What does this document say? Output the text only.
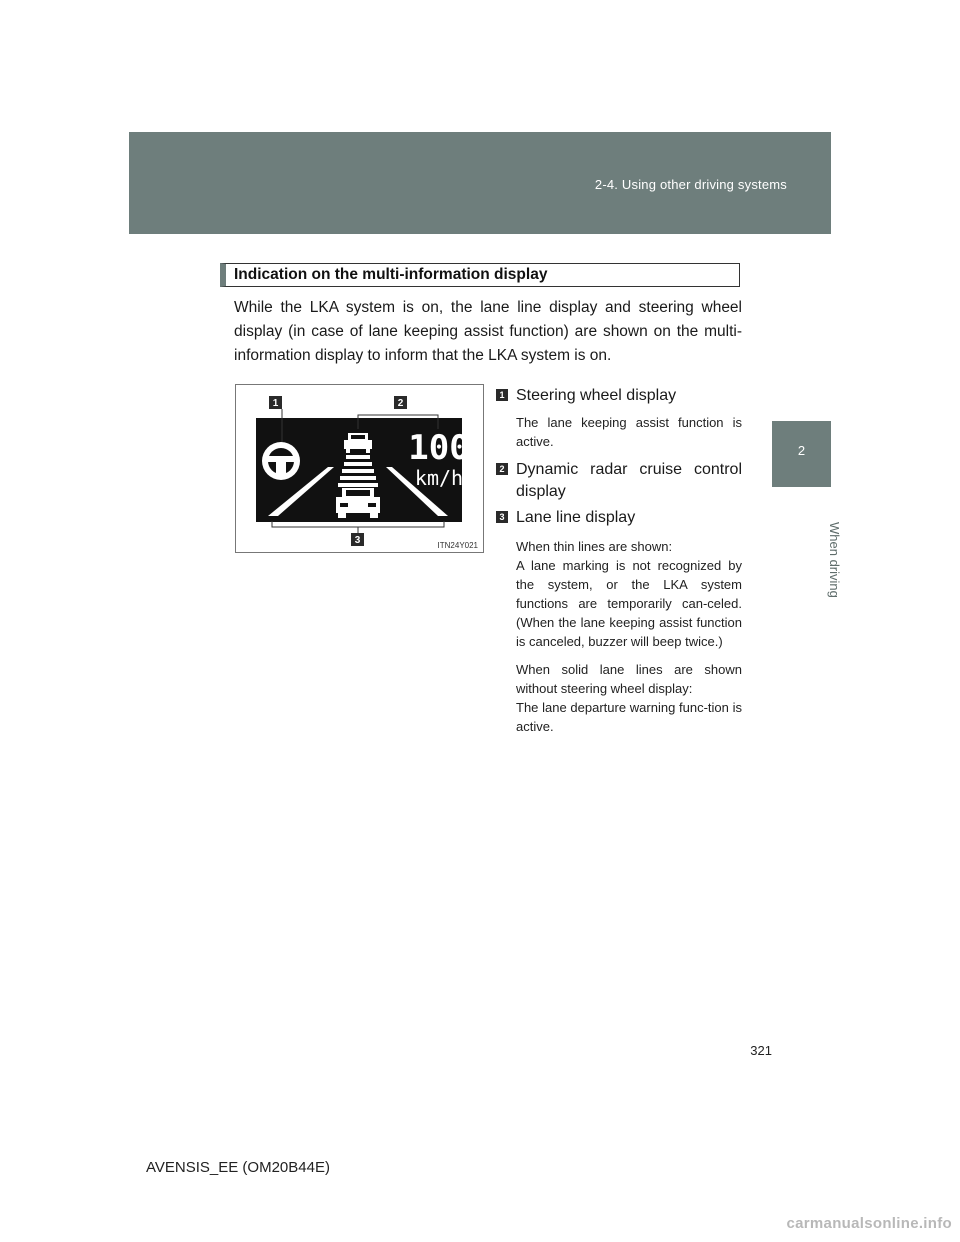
2-4. Using other driving systems
2
When driving
Indication on the multi-information display
While the LKA system is on, the lane line display and steering wheel display (in case of lane keeping assist function) are shown on the multi-information display to inform that the LKA system is on.
1	2
3
100
km/h
ITN24Y021
1 Steering wheel display
The lane keeping assist function is active.
2 Dynamic radar cruise control display
3 Lane line display
When thin lines are shown:
A lane marking is not recognized by the system, or the LKA system functions are temporarily can-celed. (When the lane keeping assist function is canceled, buzzer will beep twice.)
When solid lane lines are shown without steering wheel display:
The lane departure warning func-tion is active.
321
AVENSIS_EE (OM20B44E)
carmanualsonline.info
